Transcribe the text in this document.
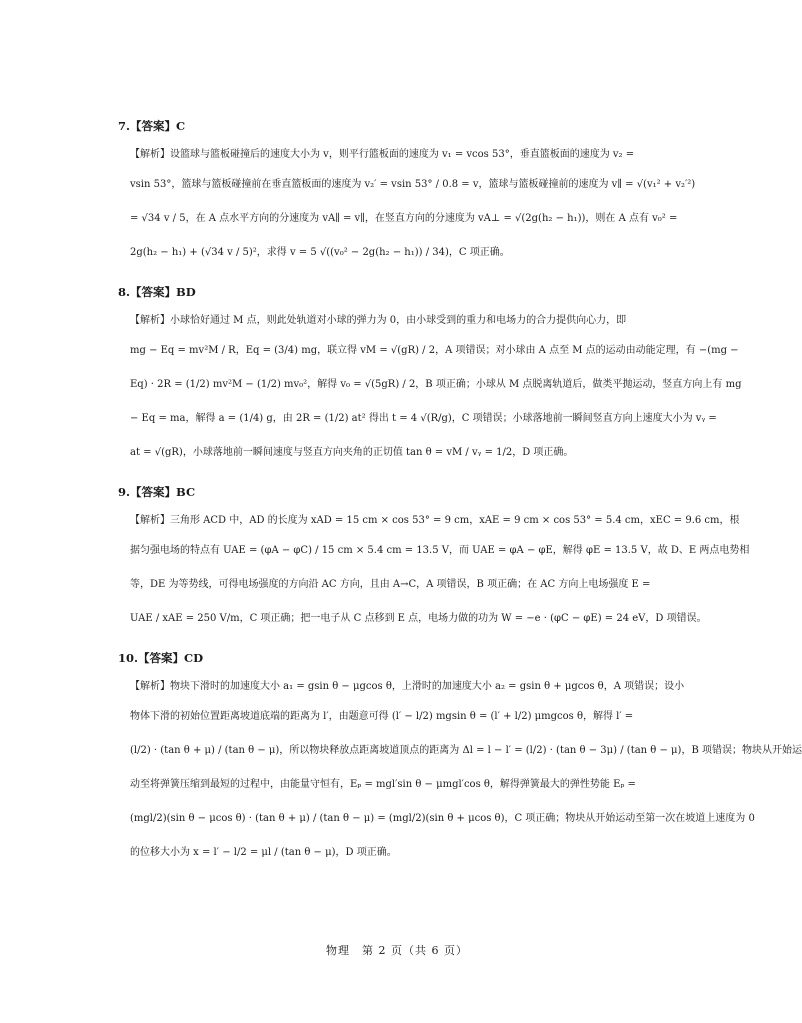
7.【答案】C
【解析】设篮球与篮板碰撞后的速度大小为 v，则平行篮板面的速度为 v₁ = vcos 53°，垂直篮板面的速度为 v₂ =
vsin 53°，篮球与篮板碰撞前在垂直篮板面的速度为 v₂′ = vsin 53° / 0.8 = v，篮球与篮板碰撞前的速度为 v∥ = √(v₁² + v₂′²)
= √34 v / 5，在 A 点水平方向的分速度为 vA∥ = v∥，在竖直方向的分速度为 vA⊥ = √(2g(h₂ − h₁))，则在 A 点有 v₀² =
2g(h₂ − h₁) + (√34 v / 5)²，求得 v = 5 √((v₀² − 2g(h₂ − h₁)) / 34)，C 项正确。
8.【答案】BD
【解析】小球恰好通过 M 点，则此处轨道对小球的弹力为 0，由小球受到的重力和电场力的合力提供向心力，即
mg − Eq = mv²M / R，Eq = (3/4) mg，联立得 vM = √(gR) / 2，A 项错误；对小球由 A 点至 M 点的运动由动能定理，有 −(mg −
Eq) · 2R = (1/2) mv²M − (1/2) mv₀²，解得 v₀ = √(5gR) / 2，B 项正确；小球从 M 点脱离轨道后，做类平抛运动，竖直方向上有 mg
− Eq = ma，解得 a = (1/4) g，由 2R = (1/2) at² 得出 t = 4 √(R/g)，C 项错误；小球落地前一瞬间竖直方向上速度大小为 vᵧ =
at = √(gR)，小球落地前一瞬间速度与竖直方向夹角的正切值 tan θ = vM / vᵧ = 1/2，D 项正确。
9.【答案】BC
【解析】三角形 ACD 中，AD 的长度为 xAD = 15 cm × cos 53° = 9 cm，xAE = 9 cm × cos 53° = 5.4 cm，xEC = 9.6 cm，根
据匀强电场的特点有 UAE = (φA − φC) / 15 cm × 5.4 cm = 13.5 V，而 UAE = φA − φE，解得 φE = 13.5 V，故 D、E 两点电势相
等，DE 为等势线，可得电场强度的方向沿 AC 方向，且由 A→C，A 项错误，B 项正确；在 AC 方向上电场强度 E =
UAE / xAE = 250 V/m，C 项正确；把一电子从 C 点移到 E 点，电场力做的功为 W = −e · (φC − φE) = 24 eV，D 项错误。
10.【答案】CD
【解析】物块下滑时的加速度大小 a₁ = gsin θ − μgcos θ，上滑时的加速度大小 a₂ = gsin θ + μgcos θ，A 项错误；设小
物体下滑的初始位置距离坡道底端的距离为 l′，由题意可得 (l′ − l/2) mgsin θ = (l′ + l/2) μmgcos θ，解得 l′ =
(l/2) · (tan θ + μ) / (tan θ − μ)，所以物块释放点距离坡道顶点的距离为 Δl = l − l′ = (l/2) · (tan θ − 3μ) / (tan θ − μ)，B 项错误；物块从开始运
动至将弹簧压缩到最短的过程中，由能量守恒有，Eₚ = mgl′sin θ − μmgl′cos θ，解得弹簧最大的弹性势能 Eₚ =
(mgl/2)(sin θ − μcos θ) · (tan θ + μ) / (tan θ − μ) = (mgl/2)(sin θ + μcos θ)，C 项正确；物块从开始运动至第一次在坡道上速度为 0
的位移大小为 x = l′ − l/2 = μl / (tan θ − μ)，D 项正确。
物理　第 2 页（共 6 页）
